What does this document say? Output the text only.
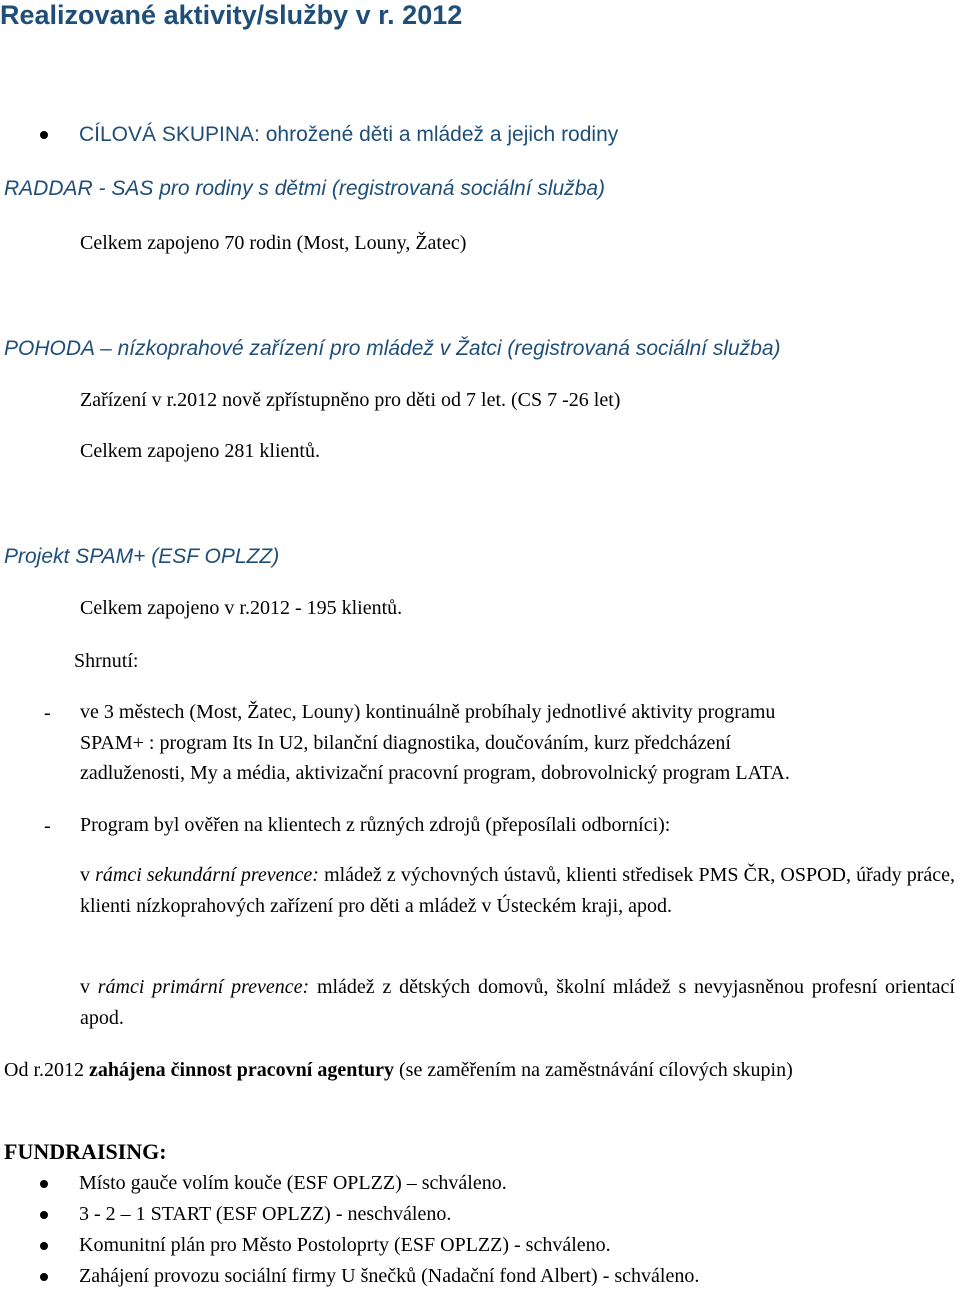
Realizované aktivity/služby v r. 2012
CÍLOVÁ SKUPINA: ohrožené děti a mládež a jejich rodiny
RADDAR - SAS pro rodiny s dětmi (registrovaná sociální služba)
Celkem zapojeno 70 rodin (Most, Louny, Žatec)
POHODA – nízkoprahové zařízení pro mládež v Žatci (registrovaná sociální služba)
Zařízení v r.2012 nově zpřístupněno pro děti od 7 let. (CS 7 -26 let)
Celkem zapojeno 281 klientů.
Projekt SPAM+ (ESF OPLZZ)
Celkem zapojeno v r.2012 - 195 klientů.
Shrnutí:
- ve 3 městech (Most, Žatec, Louny) kontinuálně probíhaly jednotlivé aktivity programu
SPAM+ : program Its In U2, bilanční diagnostika, doučováním, kurz předcházení
zadluženosti, My a média, aktivizační pracovní program, dobrovolnický program LATA.
- Program byl ověřen na klientech z různých zdrojů (přeposílali odborníci):
v rámci sekundární prevence: mládež z výchovných ústavů, klienti středisek PMS ČR, OSPOD, úřady práce, klienti nízkoprahových zařízení pro děti a mládež v Ústeckém kraji, apod.
v rámci primární prevence: mládež z dětských domovů, školní mládež s nevyjasněnou profesní orientací apod.
Od r.2012 zahájena činnost pracovní agentury (se zaměřením na zaměstnávání cílových skupin)
FUNDRAISING:
Místo gauče volím kouče (ESF OPLZZ) – schváleno.
3 - 2 – 1 START (ESF OPLZZ) - neschváleno.
Komunitní plán pro Město Postoloprty (ESF OPLZZ) - schváleno.
Zahájení provozu sociální firmy U šnečků (Nadační fond Albert) - schváleno.
